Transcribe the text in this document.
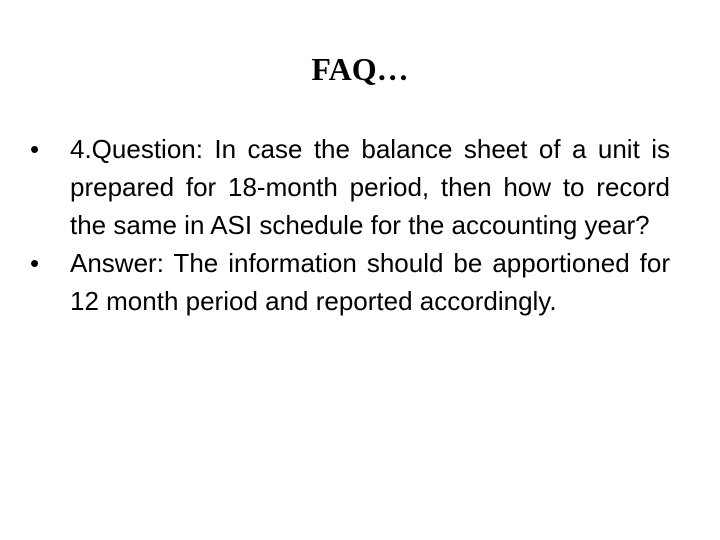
FAQ…
•	4.Question: In case the balance sheet of a unit is prepared for 18-month period, then how to record the same in ASI schedule for the accounting year?
•	Answer: The information should be apportioned for 12 month period and reported accordingly.
